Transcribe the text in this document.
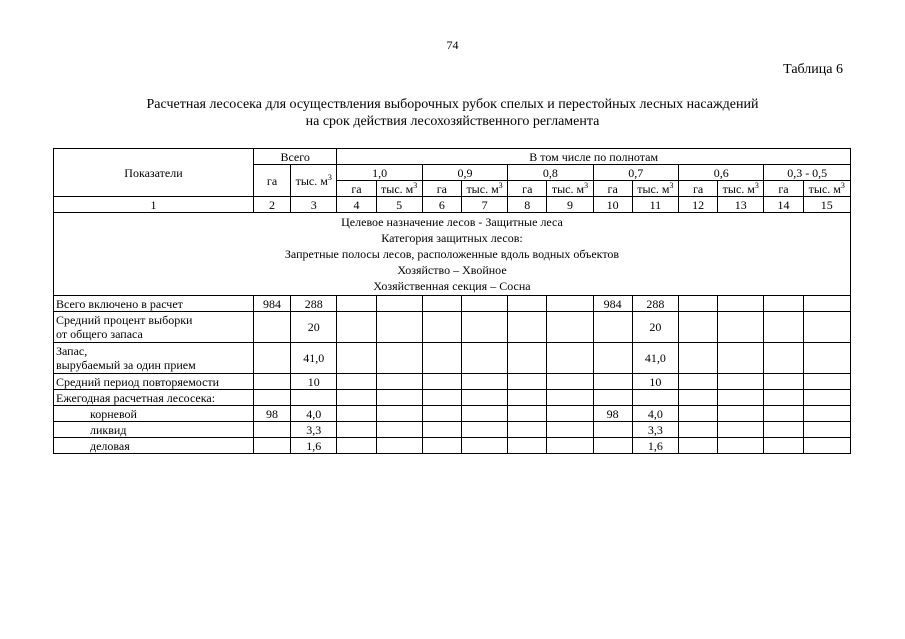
74
Таблица 6
Расчетная лесосека для осуществления выборочных рубок спелых и перестойных лесных насаждений
на срок действия лесохозяйственного регламента
Показатели	Всего		В том числе по полнотам											
	га	тыс. $м^3$	1,0		0,9		0,8		0,7		0,6		0,3 - 0,5	
			га	тыс. $м^3$	га	тыс. $м^3$	га	тыс. $м^3$	га	тыс. $м^3$	га	тыс. $м^3$	га	тыс. $м^3$
1	2	3	4	5	6	7	8	9	10	11	12	13	14	15

Целевое назначение лесов - Защитные леса
Категория защитных лесов:
Запретные полосы лесов, расположенные вдоль водных объектов
Хозяйство – Хвойное
Хозяйственная секция – Сосна														

Всего включено в расчет	984	288							984	288				

Средний процент выборки
от общего запаса		20								20				

Запас,
вырубаемый за один прием		41,0								41,0				
Средний период повторяемости		10								10				
Ежегодная расчетная лесосека:														
корневой	98	4,0							98	4,0				
ликвид		3,3								3,3				
деловая		1,6								1,6				
